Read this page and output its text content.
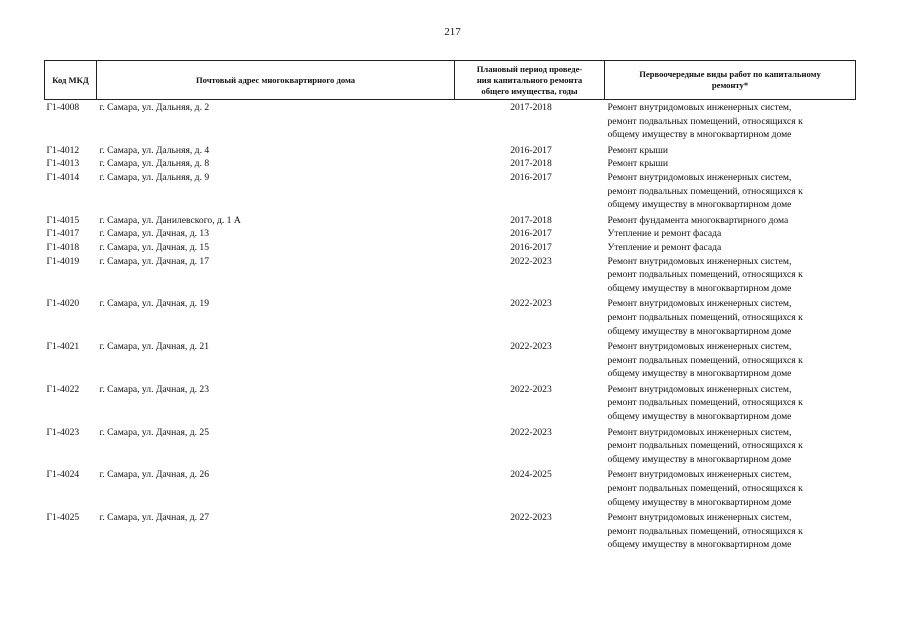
217
Код МКД	Почтовый адрес многоквартирного дома	Плановый период проведе-
ния капитального ремонта
общего имущества, годы	Первоочередные виды работ по капитальному
ремонту*
Г1-4008	г. Самара, ул. Дальняя, д. 2	2017-2018	Ремонт внутридомовых инженерных систем,
ремонт подвальных помещений, относящихся к
общему имуществу в многоквартирном доме
Г1-4012	г. Самара, ул. Дальняя, д. 4	2016-2017	Ремонт крыши
Г1-4013	г. Самара, ул. Дальняя, д. 8	2017-2018	Ремонт крыши
Г1-4014	г. Самара, ул. Дальняя, д. 9	2016-2017	Ремонт внутридомовых инженерных систем,
ремонт подвальных помещений, относящихся к
общему имуществу в многоквартирном доме
Г1-4015	г. Самара, ул. Данилевского, д. 1 А	2017-2018	Ремонт фундамента многоквартирного дома
Г1-4017	г. Самара, ул. Дачная, д. 13	2016-2017	Утепление и ремонт фасада
Г1-4018	г. Самара, ул. Дачная, д. 15	2016-2017	Утепление и ремонт фасада
Г1-4019	г. Самара, ул. Дачная, д. 17	2022-2023	Ремонт внутридомовых инженерных систем,
ремонт подвальных помещений, относящихся к
общему имуществу в многоквартирном доме
Г1-4020	г. Самара, ул. Дачная, д. 19	2022-2023	Ремонт внутридомовых инженерных систем,
ремонт подвальных помещений, относящихся к
общему имуществу в многоквартирном доме
Г1-4021	г. Самара, ул. Дачная, д. 21	2022-2023	Ремонт внутридомовых инженерных систем,
ремонт подвальных помещений, относящихся к
общему имуществу в многоквартирном доме
Г1-4022	г. Самара, ул. Дачная, д. 23	2022-2023	Ремонт внутридомовых инженерных систем,
ремонт подвальных помещений, относящихся к
общему имуществу в многоквартирном доме
Г1-4023	г. Самара, ул. Дачная, д. 25	2022-2023	Ремонт внутридомовых инженерных систем,
ремонт подвальных помещений, относящихся к
общему имуществу в многоквартирном доме
Г1-4024	г. Самара, ул. Дачная, д. 26	2024-2025	Ремонт внутридомовых инженерных систем,
ремонт подвальных помещений, относящихся к
общему имуществу в многоквартирном доме
Г1-4025	г. Самара, ул. Дачная, д. 27	2022-2023	Ремонт внутридомовых инженерных систем,
ремонт подвальных помещений, относящихся к
общему имуществу в многоквартирном доме
